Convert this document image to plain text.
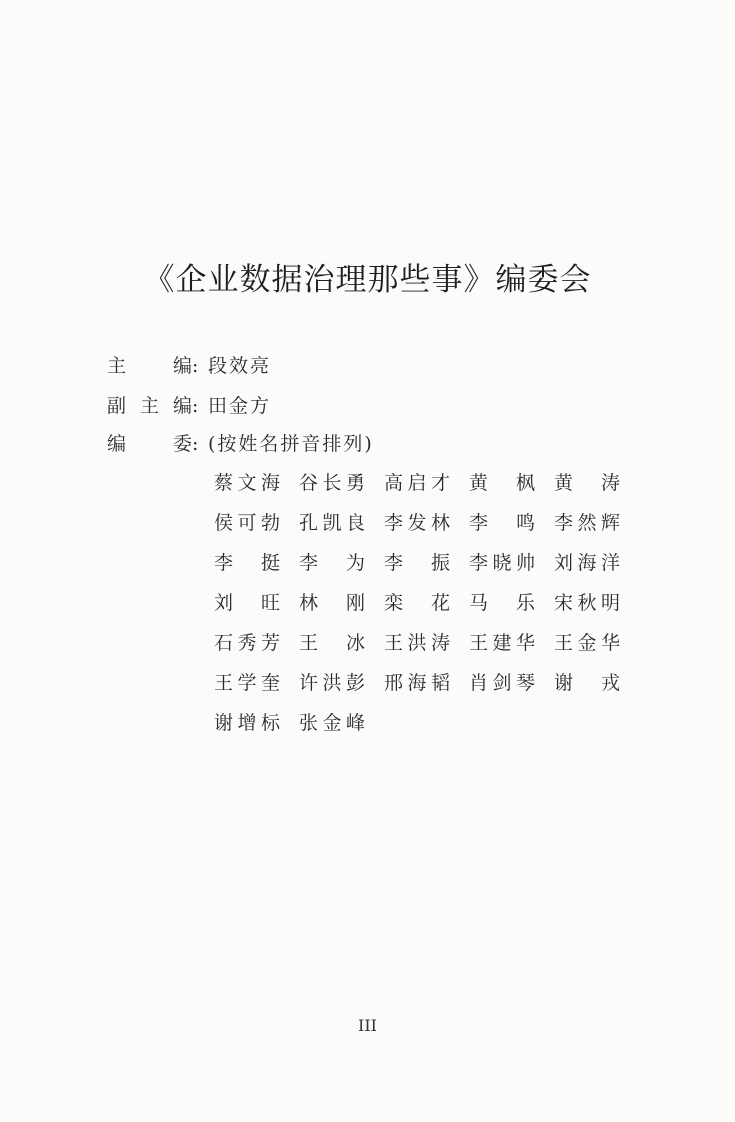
《企业数据治理那些事》编委会
主编: 段效亮
副主编: 田金方
编委: (按姓名拼音排列)
蔡文海 谷长勇 高启才 黄枫 黄涛
侯可勃 孔凯良 李发林 李鸣 李然辉
李挺 李为 李振 李晓帅 刘海洋
刘旺 林刚 栾花 马乐 宋秋明
石秀芳 王冰 王洪涛 王建华 王金华
王学奎 许洪彭 邢海韬 肖剑琴 谢戎
谢增标 张金峰
III
